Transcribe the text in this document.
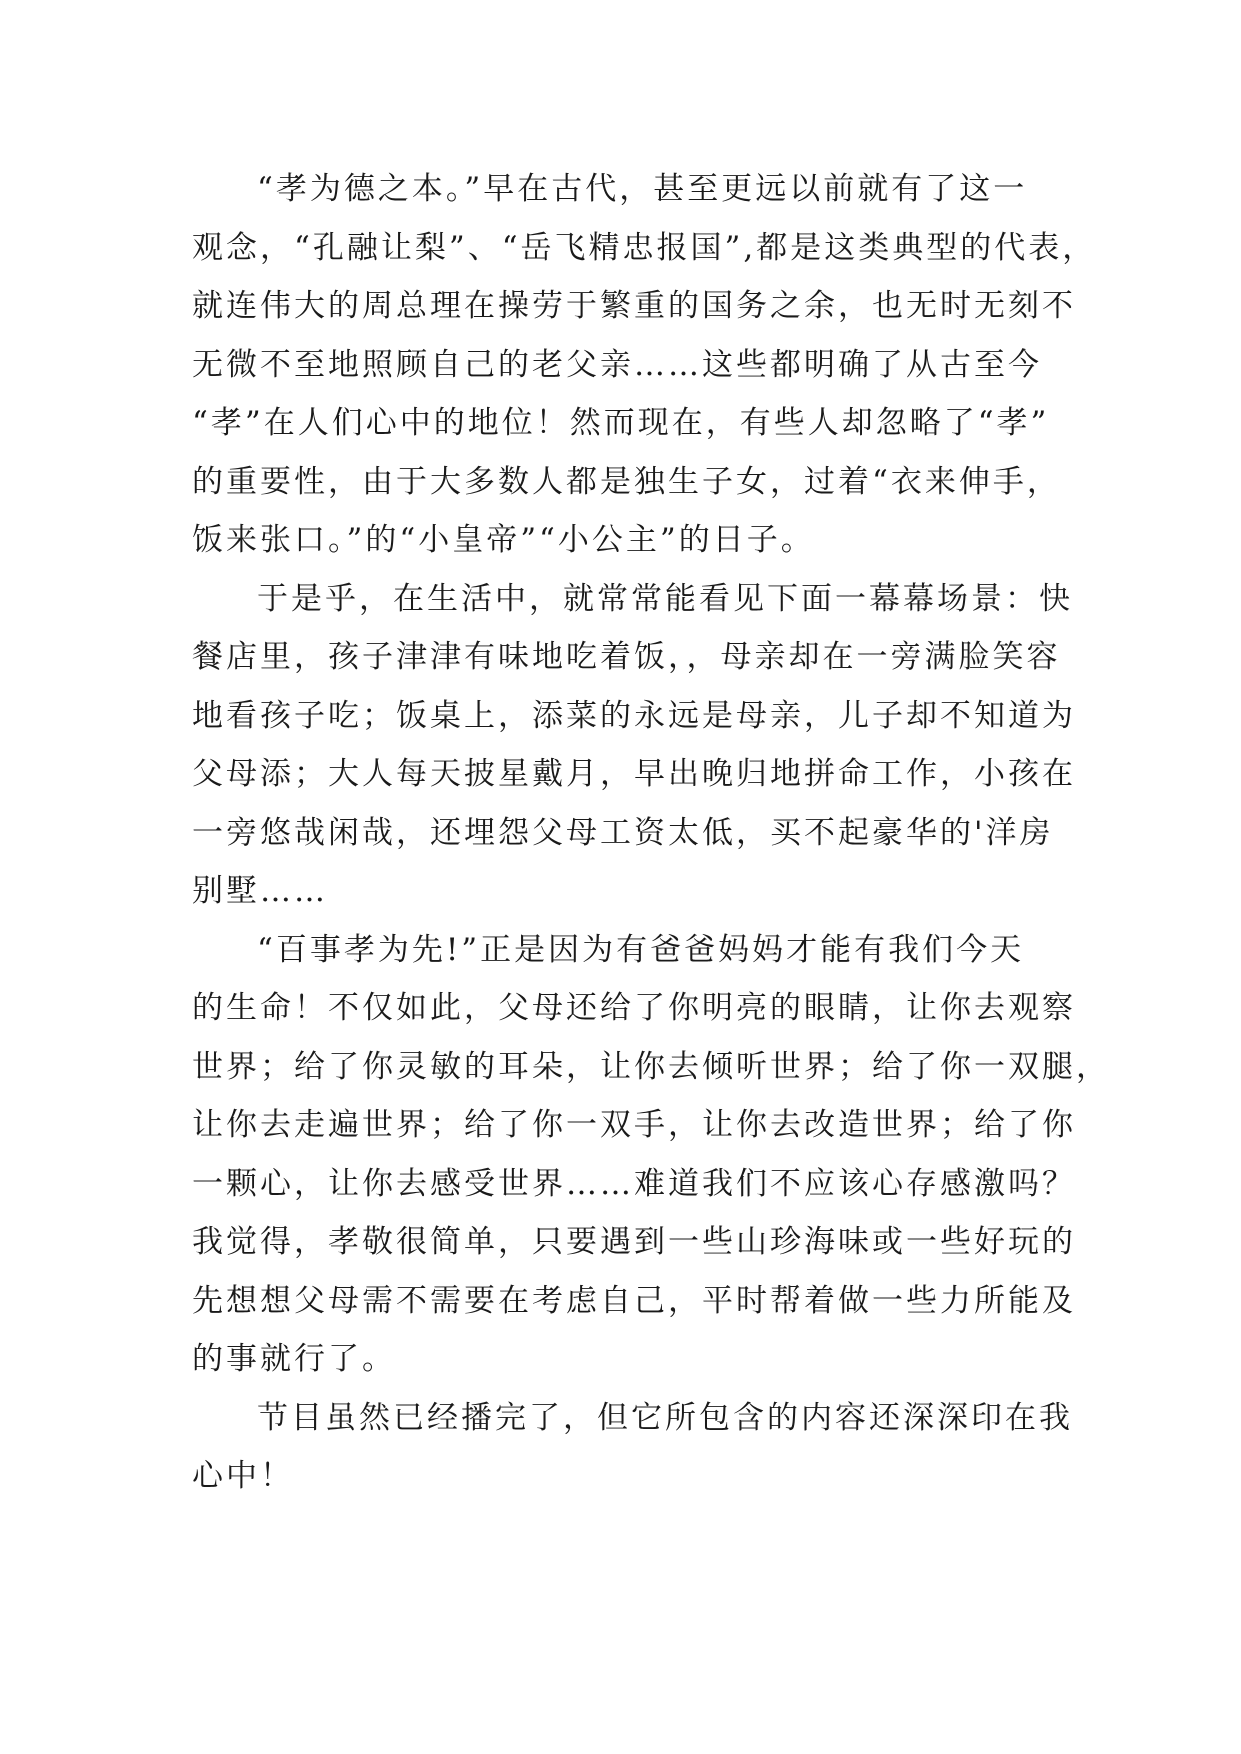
“孝为德之本。”早在古代，甚至更远以前就有了这一
观念，“孔融让梨”、“岳飞精忠报国”,都是这类典型的代表，
就连伟大的周总理在操劳于繁重的国务之余，也无时无刻不
无微不至地照顾自己的老父亲……这些都明确了从古至今
“孝”在人们心中的地位！然而现在，有些人却忽略了“孝”
的重要性，由于大多数人都是独生子女，过着“衣来伸手，
饭来张口。”的“小皇帝”“小公主”的日子。

于是乎，在生活中，就常常能看见下面一幕幕场景：快
餐店里，孩子津津有味地吃着饭，，母亲却在一旁满脸笑容
地看孩子吃；饭桌上，添菜的永远是母亲，儿子却不知道为
父母添；大人每天披星戴月，早出晚归地拼命工作，小孩在
一旁悠哉闲哉，还埋怨父母工资太低，买不起豪华的'洋房
别墅……

“百事孝为先!”正是因为有爸爸妈妈才能有我们今天
的生命！不仅如此，父母还给了你明亮的眼睛，让你去观察
世界；给了你灵敏的耳朵，让你去倾听世界；给了你一双腿，
让你去走遍世界；给了你一双手，让你去改造世界；给了你
一颗心，让你去感受世界……难道我们不应该心存感激吗？
我觉得，孝敬很简单，只要遇到一些山珍海味或一些好玩的
先想想父母需不需要在考虑自己，平时帮着做一些力所能及
的事就行了。

节目虽然已经播完了，但它所包含的内容还深深印在我
心中！
